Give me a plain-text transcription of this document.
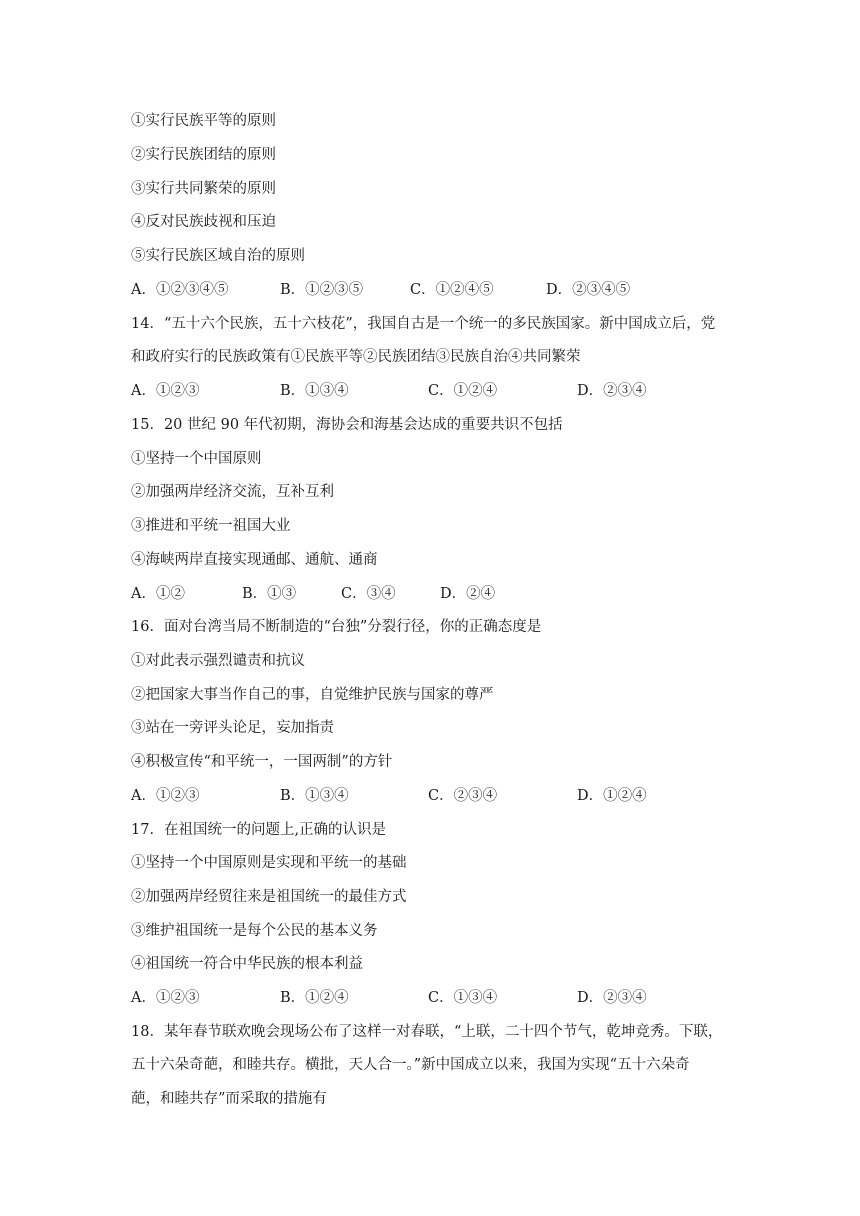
①实行民族平等的原则
②实行民族团结的原则
③实行共同繁荣的原则
④反对民族歧视和压迫
⑤实行民族区域自治的原则
A．①②③④⑤	B．①②③⑤	C．①②④⑤	D．②③④⑤
14．“五十六个民族，五十六枝花”，我国自古是一个统一的多民族国家。新中国成立后，党
和政府实行的民族政策有①民族平等②民族团结③民族自治④共同繁荣
A．①②③	B．①③④	C．①②④	D．②③④
15．20 世纪 90 年代初期，海协会和海基会达成的重要共识不包括
①坚持一个中国原则
②加强两岸经济交流，互补互利
③推进和平统一祖国大业
④海峡两岸直接实现通邮、通航、通商
A．①②	B．①③	C．③④	D．②④
16．面对台湾当局不断制造的“台独”分裂行径，你的正确态度是
①对此表示强烈谴责和抗议
②把国家大事当作自己的事，自觉维护民族与国家的尊严
③站在一旁评头论足，妄加指责
④积极宣传“和平统一，一国两制”的方针
A．①②③	B．①③④	C．②③④	D．①②④
17．在祖国统一的问题上,正确的认识是
①坚持一个中国原则是实现和平统一的基础
②加强两岸经贸往来是祖国统一的最佳方式
③维护祖国统一是每个公民的基本义务
④祖国统一符合中华民族的根本利益
A．①②③	B．①②④	C．①③④	D．②③④
18．某年春节联欢晚会现场公布了这样一对春联，“上联，二十四个节气，乾坤竞秀。下联，
五十六朵奇葩，和睦共存。横批，天人合一。”新中国成立以来，我国为实现“五十六朵奇
葩，和睦共存”而采取的措施有
